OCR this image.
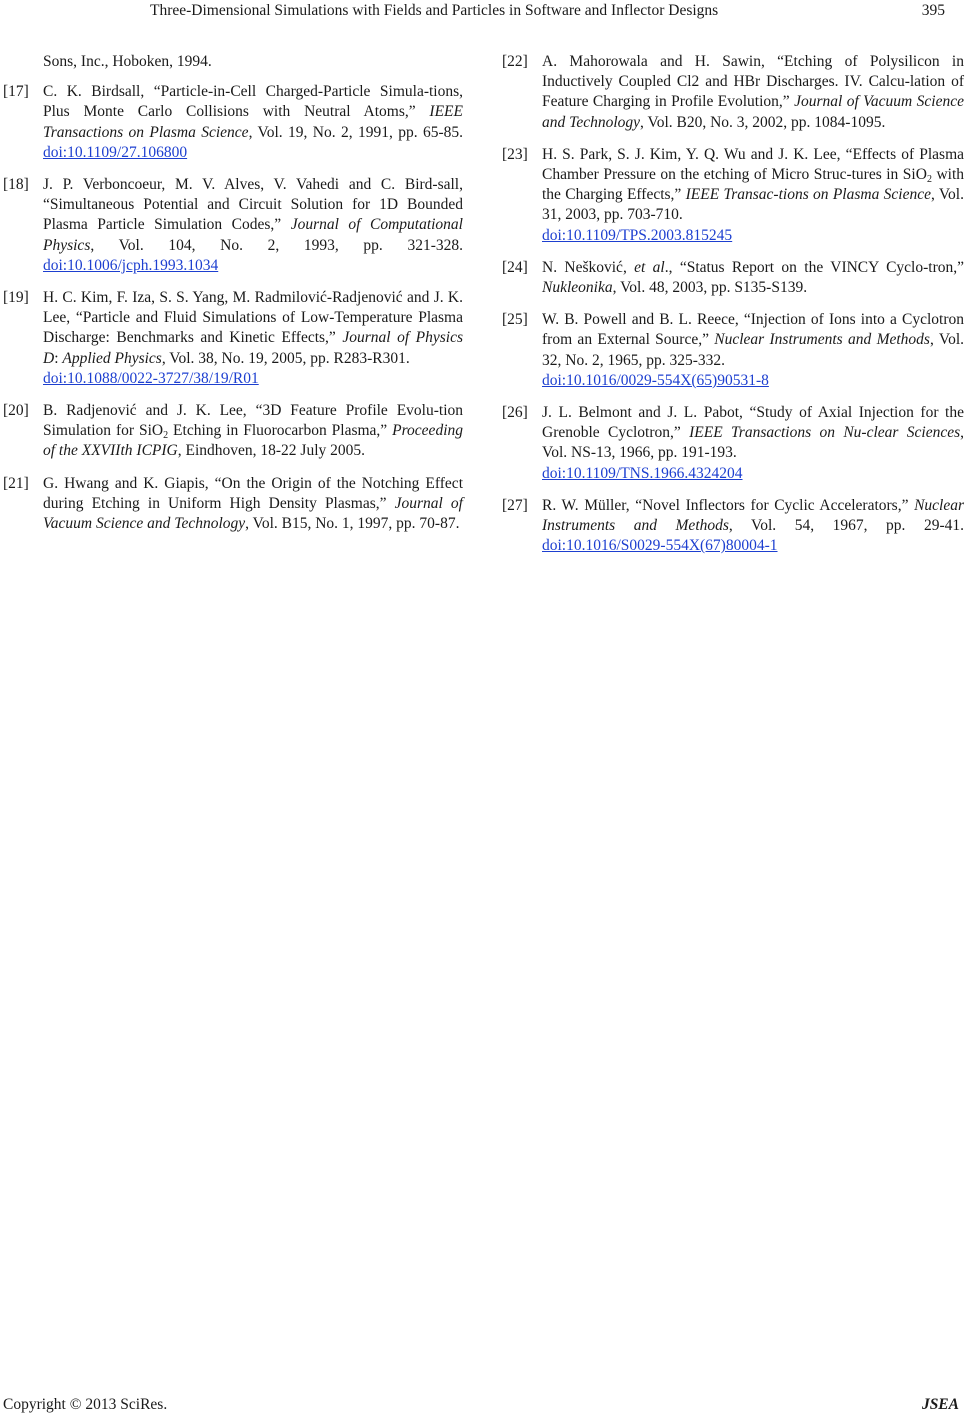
Three-Dimensional Simulations with Fields and Particles in Software and Inflector Designs	395
Sons, Inc., Hoboken, 1994.
[17] C. K. Birdsall, “Particle-in-Cell Charged-Particle Simula-tions, Plus Monte Carlo Collisions with Neutral Atoms,” IEEE Transactions on Plasma Science, Vol. 19, No. 2, 1991, pp. 65-85. doi:10.1109/27.106800
[18] J. P. Verboncoeur, M. V. Alves, V. Vahedi and C. Bird-sall, “Simultaneous Potential and Circuit Solution for 1D Bounded Plasma Particle Simulation Codes,” Journal of Computational Physics, Vol. 104, No. 2, 1993, pp. 321-328. doi:10.1006/jcph.1993.1034
[19] H. C. Kim, F. Iza, S. S. Yang, M. Radmilović-Radjenović and J. K. Lee, “Particle and Fluid Simulations of Low-Temperature Plasma Discharge: Benchmarks and Kinetic Effects,” Journal of Physics D: Applied Physics, Vol. 38, No. 19, 2005, pp. R283-R301.
doi:10.1088/0022-3727/38/19/R01
[20] B. Radjenović and J. K. Lee, “3D Feature Profile Evolu-tion Simulation for SiO$_2$ Etching in Fluorocarbon Plasma,” Proceeding of the XXVIIth ICPIG, Eindhoven, 18-22 July 2005.
[21] G. Hwang and K. Giapis, “On the Origin of the Notching Effect during Etching in Uniform High Density Plasmas,” Journal of Vacuum Science and Technology, Vol. B15, No. 1, 1997, pp. 70-87.
[22] A. Mahorowala and H. Sawin, “Etching of Polysilicon in Inductively Coupled Cl2 and HBr Discharges. IV. Calcu-lation of Feature Charging in Profile Evolution,” Journal of Vacuum Science and Technology, Vol. B20, No. 3, 2002, pp. 1084-1095.
[23] H. S. Park, S. J. Kim, Y. Q. Wu and J. K. Lee, “Effects of Plasma Chamber Pressure on the etching of Micro Struc-tures in SiO$_2$ with the Charging Effects,” IEEE Transac-tions on Plasma Science, Vol. 31, 2003, pp. 703-710.
doi:10.1109/TPS.2003.815245
[24] N. Nešković, et al., “Status Report on the VINCY Cyclo-tron,” Nukleonika, Vol. 48, 2003, pp. S135-S139.
[25] W. B. Powell and B. L. Reece, “Injection of Ions into a Cyclotron from an External Source,” Nuclear Instruments and Methods, Vol. 32, No. 2, 1965, pp. 325-332.
doi:10.1016/0029-554X(65)90531-8
[26] J. L. Belmont and J. L. Pabot, “Study of Axial Injection for the Grenoble Cyclotron,” IEEE Transactions on Nu-clear Sciences, Vol. NS-13, 1966, pp. 191-193.
doi:10.1109/TNS.1966.4324204
[27] R. W. Müller, “Novel Inflectors for Cyclic Accelerators,” Nuclear Instruments and Methods, Vol. 54, 1967, pp. 29-41. doi:10.1016/S0029-554X(67)80004-1
Copyright © 2013 SciRes.	JSEA
